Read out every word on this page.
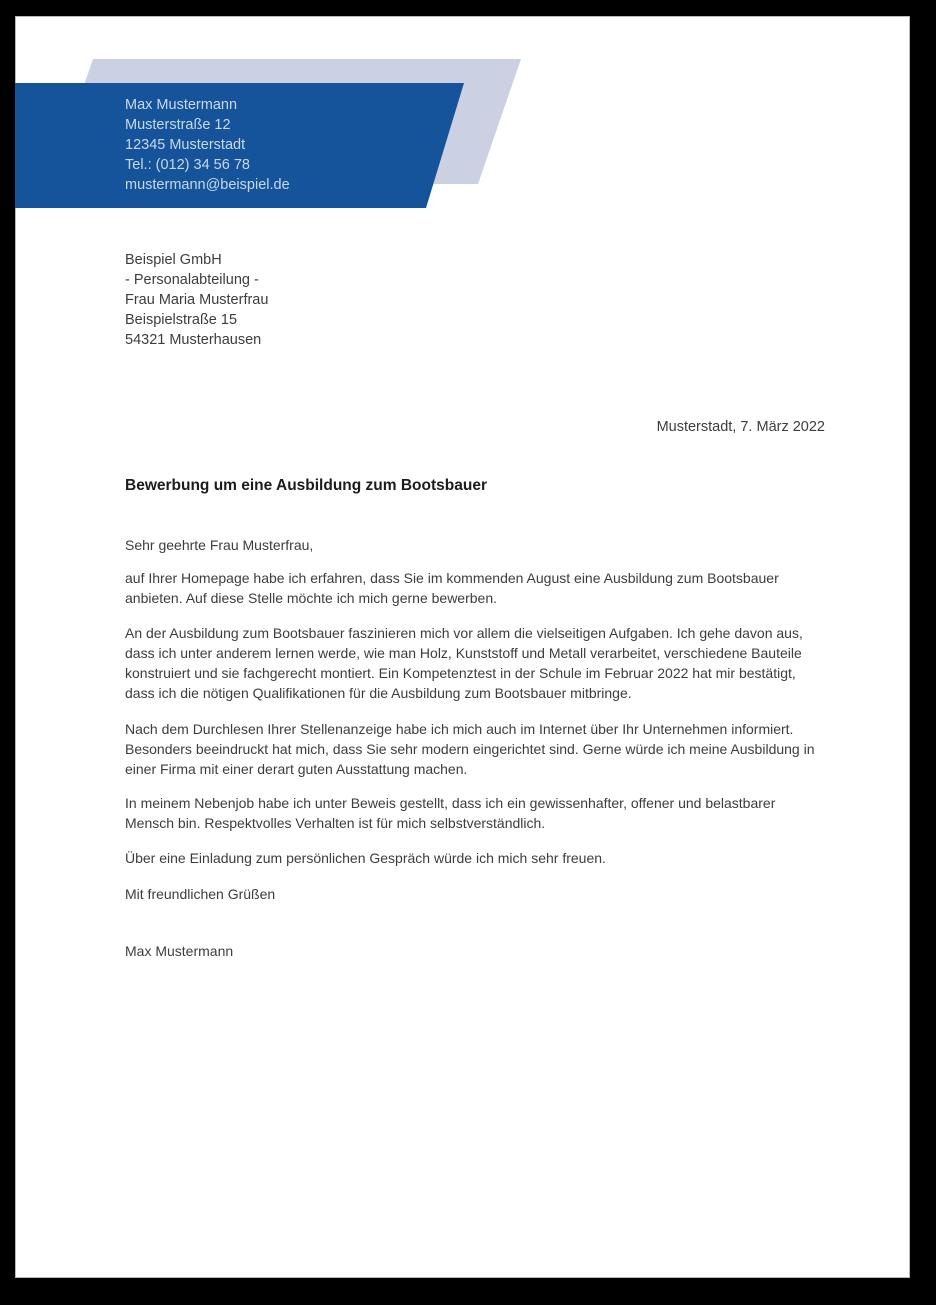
Max Mustermann
Musterstraße 12
12345 Musterstadt
Tel.: (012) 34 56 78
mustermann@beispiel.de
Beispiel GmbH
- Personalabteilung -
Frau Maria Musterfrau
Beispielstraße 15
54321 Musterhausen
Musterstadt, 7. März 2022
Bewerbung um eine Ausbildung zum Bootsbauer
Sehr geehrte Frau Musterfrau,
auf Ihrer Homepage habe ich erfahren, dass Sie im kommenden August eine Ausbildung zum Bootsbauer anbieten. Auf diese Stelle möchte ich mich gerne bewerben.
An der Ausbildung zum Bootsbauer faszinieren mich vor allem die vielseitigen Aufgaben. Ich gehe davon aus, dass ich unter anderem lernen werde, wie man Holz, Kunststoff und Metall verarbeitet, verschiedene Bauteile konstruiert und sie fachgerecht montiert. Ein Kompetenztest in der Schule im Februar 2022 hat mir bestätigt, dass ich die nötigen Qualifikationen für die Ausbildung zum Bootsbauer mitbringe.
Nach dem Durchlesen Ihrer Stellenanzeige habe ich mich auch im Internet über Ihr Unternehmen informiert. Besonders beeindruckt hat mich, dass Sie sehr modern eingerichtet sind. Gerne würde ich meine Ausbildung in einer Firma mit einer derart guten Ausstattung machen.
In meinem Nebenjob habe ich unter Beweis gestellt, dass ich ein gewissenhafter, offener und belastbarer Mensch bin. Respektvolles Verhalten ist für mich selbstverständlich.
Über eine Einladung zum persönlichen Gespräch würde ich mich sehr freuen.
Mit freundlichen Grüßen
Max Mustermann
